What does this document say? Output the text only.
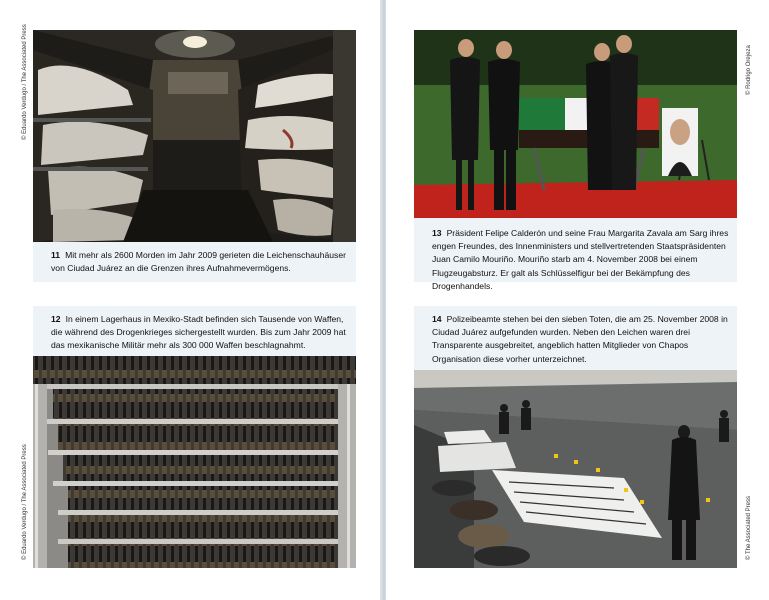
© Eduardo Verdugo / The Associated Press
11 Mit mehr als 2600 Morden im Jahr 2009 gerieten die Leichenschauhäuser von Ciudad Juárez an die Grenzen ihres Aufnahmevermögens.
12 In einem Lagerhaus in Mexiko-Stadt befinden sich Tausende von Waffen, die während des Drogenkrieges sichergestellt wurden. Bis zum Jahr 2009 hat das mexikanische Militär mehr als 300 000 Waffen beschlagnahmt.
© Eduardo Verdugo / The Associated Press
© Rodrigo Orejeza
13 Präsident Felipe Calderón und seine Frau Margarita Zavala am Sarg ihres engen Freundes, des Innenministers und stellvertretenden Staatspräsidenten Juan Camilo Mouriño. Mouriño starb am 4. November 2008 bei einem Flugzeugabsturz. Er galt als Schlüsselfigur bei der Bekämpfung des Drogenhandels.
14 Polizeibeamte stehen bei den sieben Toten, die am 25. November 2008 in Ciudad Juárez aufgefunden wurden. Neben den Leichen waren drei Transparente ausgebreitet, angeblich hatten Mitglieder von Chapos Organisation diese vorher unterzeichnet.
© The Associated Press
